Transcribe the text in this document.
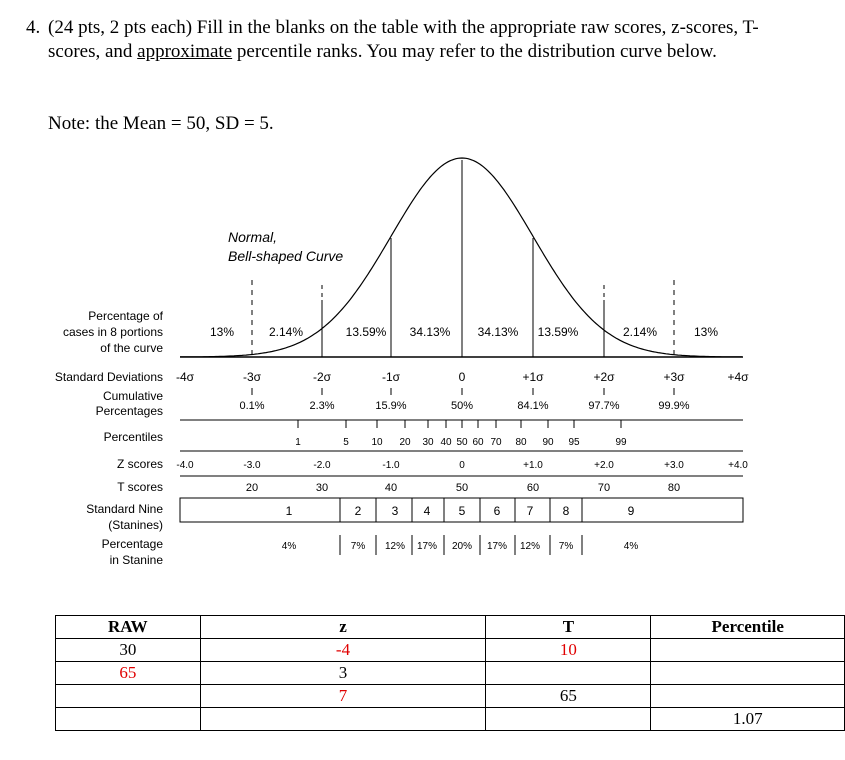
4. (24 pts, 2 pts each) Fill in the blanks on the table with the appropriate raw scores, z-scores, T-scores, and approximate percentile ranks. You may refer to the distribution curve below.
Note: the Mean = 50, SD = 5.
Normal,
Bell-shaped Curve
Percentage of
cases in 8 portions
of the curve
Standard Deviations
Cumulative
Percentages
Percentiles
Z scores
T scores
Standard Nine
(Stanines)
Percentage
in Stanine
13%	2.14%	13.59% 34.13% 34.13% 13.59%	2.14%	13%
-4σ	-3σ	-2σ	-1σ	0	+1σ	+2σ	+3σ	+4σ
0.1%	2.3%	15.9%	50%	84.1%	97.7%	99.9%
1	5 10 20 30 40 50 60 70 80 90 95	99
-4.0	-3.0	-2.0	-1.0	0	+1.0	+2.0	+3.0	+4.0
20	30	40	50	60	70	80
1	2	3 4 5 6 7 8	9
4%	7% 12% 17% 20% 17% 12% 7%	4%
RAW	z	T	Percentile
30	-4	10	
65	3		
	7	65	
			1.07
